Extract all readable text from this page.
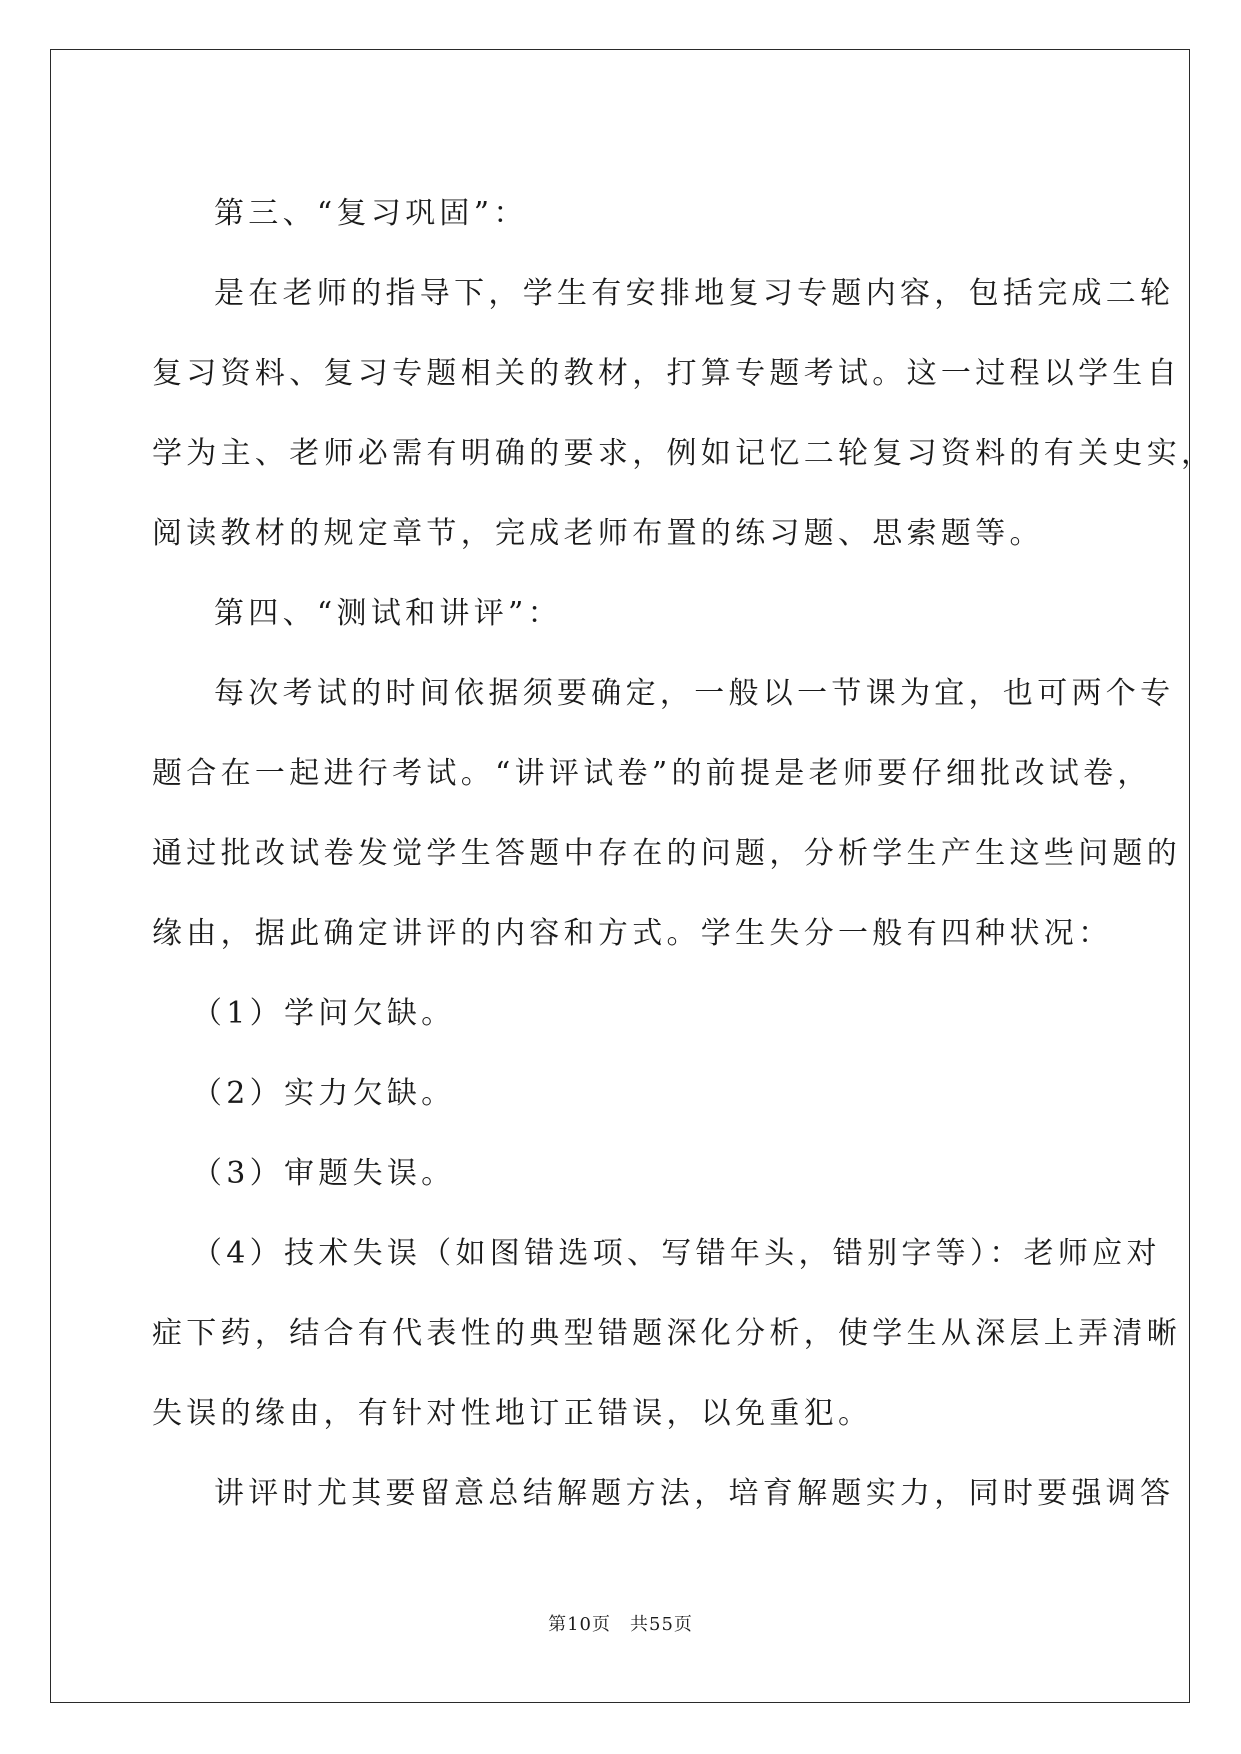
第三、“复习巩固”：

是在老师的指导下，学生有安排地复习专题内容，包括完成二轮

复习资料、复习专题相关的教材，打算专题考试。这一过程以学生自

学为主、老师必需有明确的要求，例如记忆二轮复习资料的有关史实，

阅读教材的规定章节，完成老师布置的练习题、思索题等。

第四、“测试和讲评”：

每次考试的时间依据须要确定，一般以一节课为宜，也可两个专

题合在一起进行考试。“讲评试卷”的前提是老师要仔细批改试卷，

通过批改试卷发觉学生答题中存在的问题，分析学生产生这些问题的

缘由，据此确定讲评的内容和方式。学生失分一般有四种状况：

（1）学问欠缺。

（2）实力欠缺。

（3）审题失误。

（4）技术失误（如图错选项、写错年头，错别字等）：老师应对

症下药，结合有代表性的典型错题深化分析，使学生从深层上弄清晰

失误的缘由，有针对性地订正错误，以免重犯。

讲评时尤其要留意总结解题方法，培育解题实力，同时要强调答

第10页　共55页
